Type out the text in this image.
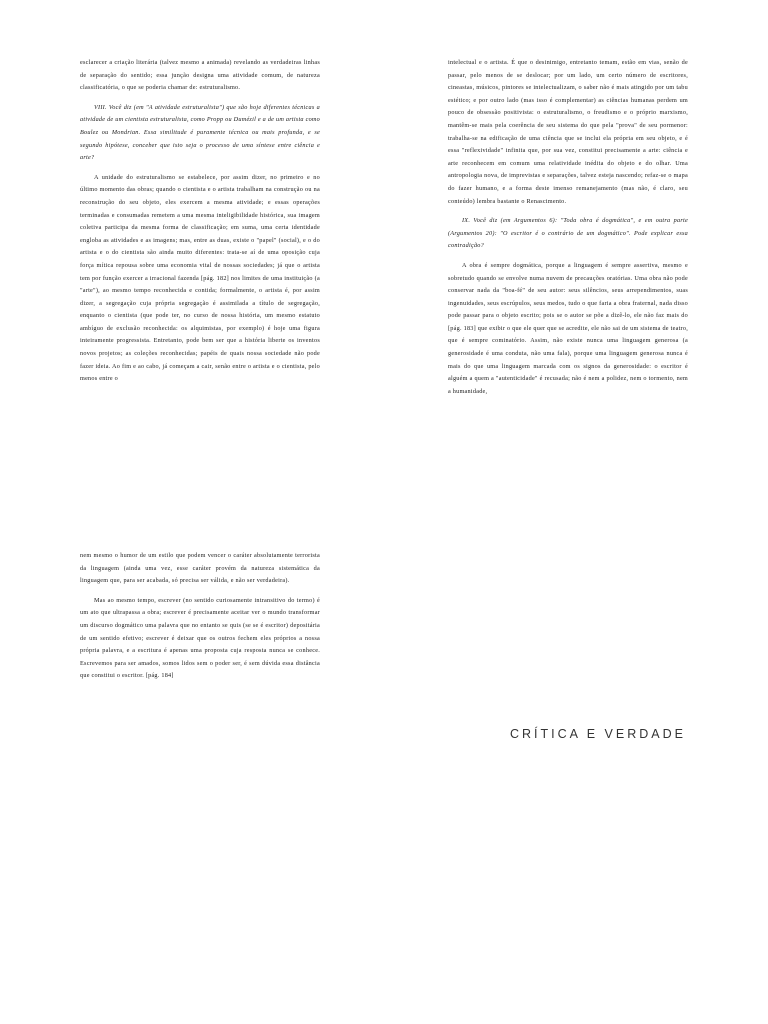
esclarecer a criação literária (talvez mesmo a animada) revelando as verdadeiras linhas de separação do sentido; essa junção designa uma atividade comum, de natureza classificatória, o que se poderia chamar de: estruturalismo.

VIII. Você diz (em "A atividade estruturalista") que são hoje diferentes técnicas a atividade de um cientista estruturalista, como Propp ou Dumézil e a de um artista como Boulez ou Mondrian. Essa similitude é puramente técnica ou mais profunda, e se segundo hipótese, conceber que isto seja o processo de uma síntese entre ciência e arte?

A unidade do estruturalismo se estabelece, por assim dizer, no primeiro e no último momento das obras; quando o cientista e o artista trabalham na construção ou na reconstrução do seu objeto, eles exercem a mesma atividade; e essas operações terminadas e consumadas remetem a uma mesma inteligibilidade histórica, sua imagem coletiva participa da mesma forma de classificação; em suma, uma certa identidade engloba as atividades e as imagens; mas, entre as duas, existe o "papel" (social), e o do artista e o do cientista são ainda muito diferentes: trata-se aí de uma oposição cuja força mítica repousa sobre uma economia vital de nossas sociedades; já que o artista tem por função exercer a irracional fazenda [pág. 182] nos limites de uma instituição (a "arte"), ao mesmo tempo reconhecida e contida; formalmente, o artista é, por assim dizer, a segregação cuja própria segregação é assimilada a título de segregação, enquanto o cientista (que pode ter, no curso de nossa história, um mesmo estatuto ambíguo de exclusão reconhecida: os alquimistas, por exemplo) é hoje uma figura inteiramente progressista. Entretanto, pode bem ser que a história liberte os inventos novos projetos; as coleções reconhecidas; papéis de quais nossa sociedade não pode fazer ideia. Ao fim e ao cabo, já começam a cair, senão entre o artista e o cientista, pelo menos entre o

nem mesmo o humor de um estilo que podem vencer o caráter absolutamente terrorista da linguagem (ainda uma vez, esse caráter provém da natureza sistemática da linguagem que, para ser acabada, só precisa ser válida, e não ser verdadeira).

Mas ao mesmo tempo, escrever (no sentido curiosamente intransitivo do termo) é um ato que ultrapassa a obra; escrever é precisamente aceitar ver o mundo transformar um discurso dogmático uma palavra que no entanto se quis (se se é escritor) depositária de um sentido efetivo; escrever é deixar que os outros fechem eles próprios a nossa própria palavra, e a escritura é apenas uma proposta cuja resposta nunca se conhece. Escrevemos para ser amados, somos lidos sem o poder ser, é sem dúvida essa distância que constitui o escritor. [pág. 184]

intelectual e o artista. É que o desinimigo, entretanto temam, estão em vias, senão de passar, pelo menos de se deslocar; por um lado, um certo número de escritores, cineastas, músicos, pintores se intelectualizam, o saber não é mais atingido por um tabu estético; e por outro lado (mas isso é complementar) as ciências humanas perdem um pouco de obsessão positivista: o estruturalismo, o freudismo e o próprio marxismo, mantêm-se mais pela coerência de seu sistema do que pela "prova" de seu pormenor: trabalha-se na edificação de uma ciência que se inclui ela própria em seu objeto, e é essa "reflexividade" infinita que, por sua vez, constitui precisamente a arte: ciência e arte reconhecem em comum uma relatividade inédita do objeto e do olhar. Uma antropologia nova, de imprevistas e separações, talvez esteja nascendo; refaz-se o mapa do fazer humano, e a forma deste imenso remanejamento (mas não, é claro, seu conteúdo) lembra bastante o Renascimento.

IX. Você diz (em Argumentos 6): "Toda obra é dogmática", e em outra parte (Argumentos 20): "O escritor é o contrário de um dogmático". Pode explicar essa contradição?

A obra é sempre dogmática, porque a linguagem é sempre assertiva, mesmo e sobretudo quando se envolve numa nuvem de precauções oratórias. Uma obra não pode conservar nada da "boa-fé" de seu autor: seus silêncios, seus arrependimentos, suas ingenuidades, seus escrúpulos, seus medos, tudo o que faria a obra fraternal, nada disso pode passar para o objeto escrito; pois se o autor se põe a dizê-lo, ele não faz mais do [pág. 183] que exibir o que ele quer que se acredite, ele não sai de um sistema de teatro, que é sempre cominatório. Assim, não existe nunca uma linguagem generosa (a generosidade é uma conduta, não uma fala), porque uma linguagem generosa nunca é mais do que uma linguagem marcada com os signos da generosidade: o escritor é alguém a quem a "autenticidade" é recusada; não é nem a polidez, nem o tormento, nem a humanidade,

CRÍTICA E VERDADE
